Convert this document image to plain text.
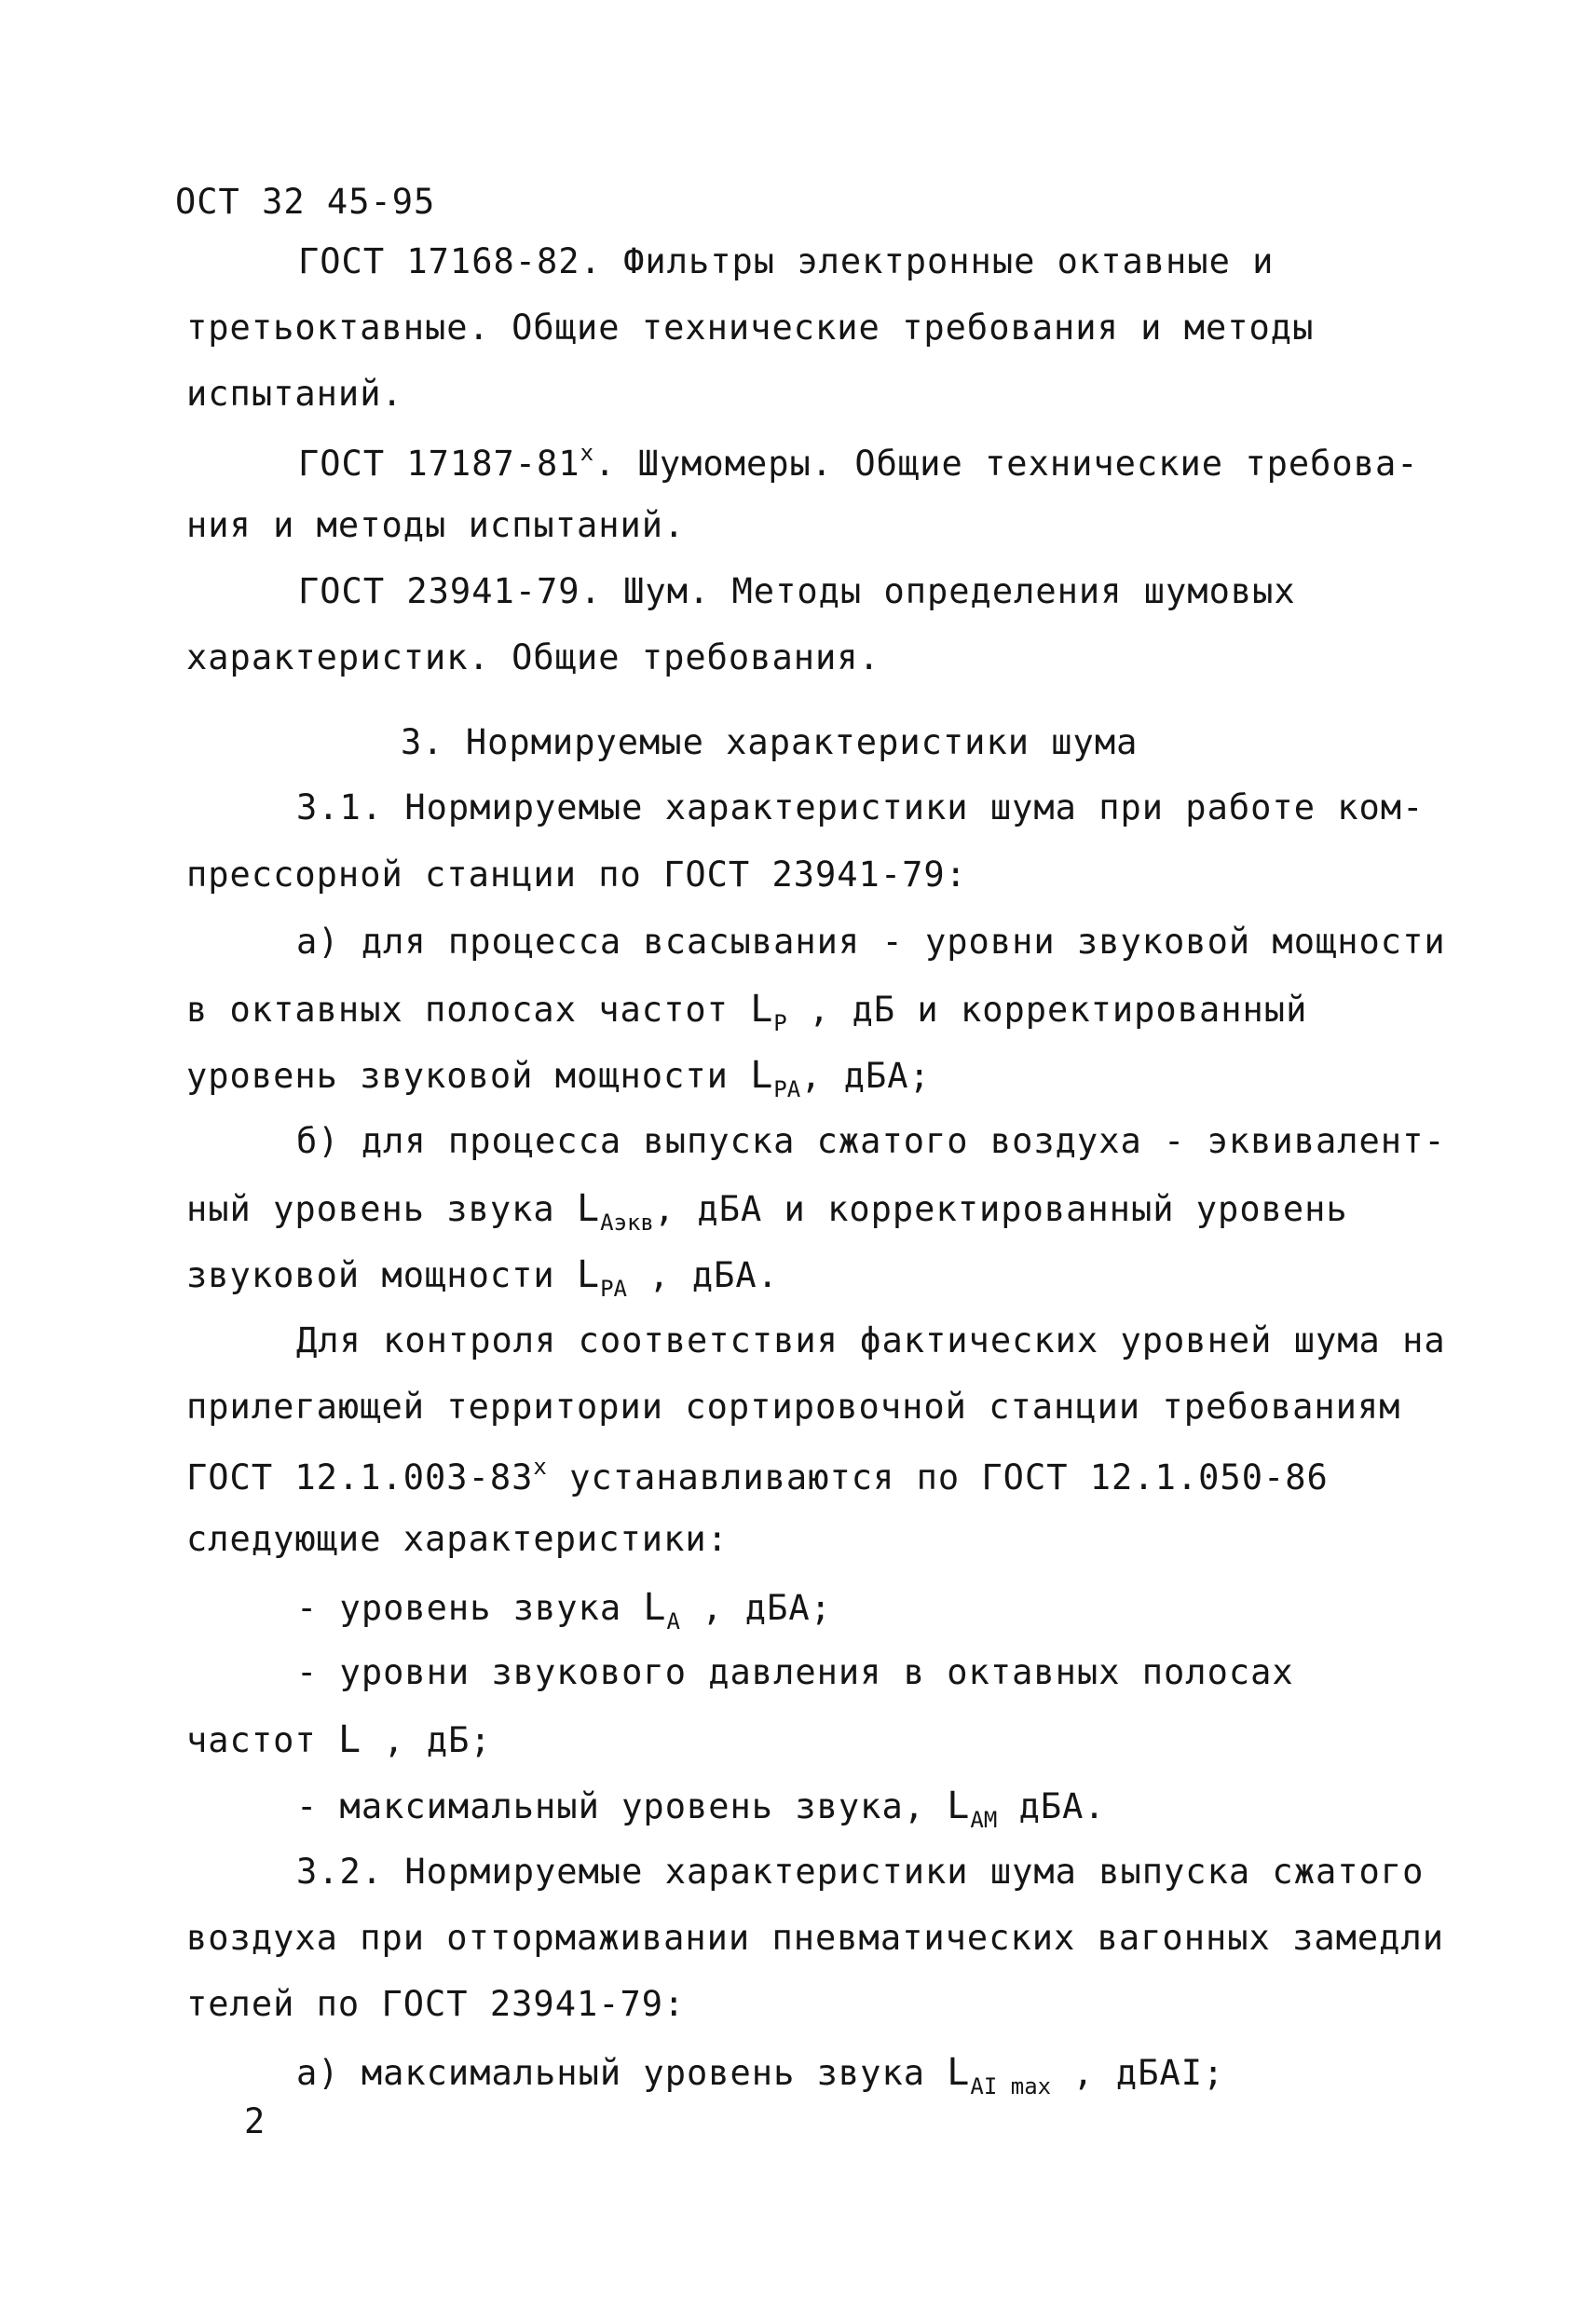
ОСТ 32 45-95
ГОСТ 17168-82. Фильтры электронные октавные и
третьоктавные. Общие технические требования и методы
испытаний.
ГОСТ $17187-81^х$. Шумомеры. Общие технические требова-
ния и методы испытаний.
ГОСТ 23941-79. Шум. Методы определения шумовых
характеристик. Общие требования.
3. Нормируемые характеристики шума
3.1. Нормируемые характеристики шума при работе ком-
прессорной станции по ГОСТ 23941-79:
а) для процесса всасывания - уровни звуковой мощности
в октавных полосах частот $L_P$ , дБ и корректированный
уровень звуковой мощности $L_{PA}$, дБА;
б) для процесса выпуска сжатого воздуха - эквивалент-
ный уровень звука $L_{Aэкв}$, дБА и корректированный уровень
звуковой мощности $L_{PA}$ , дБА.
Для контроля соответствия фактических уровней шума на
прилегающей территории сортировочной станции требованиям
ГОСТ $12.1.003-83^х$ устанавливаются по ГОСТ 12.1.050-86
следующие характеристики:
- уровень звука $L_A$ , дБА;
- уровни звукового давления в октавных полосах
частот L , дБ;
- максимальный уровень звука, $L_{AM}$ дБА.
3.2. Нормируемые характеристики шума выпуска сжатого
воздуха при оттормаживании пневматических вагонных замедли
телей по ГОСТ 23941-79:
а) максимальный уровень звука $L_{AI max}$ , дБАI;
2
